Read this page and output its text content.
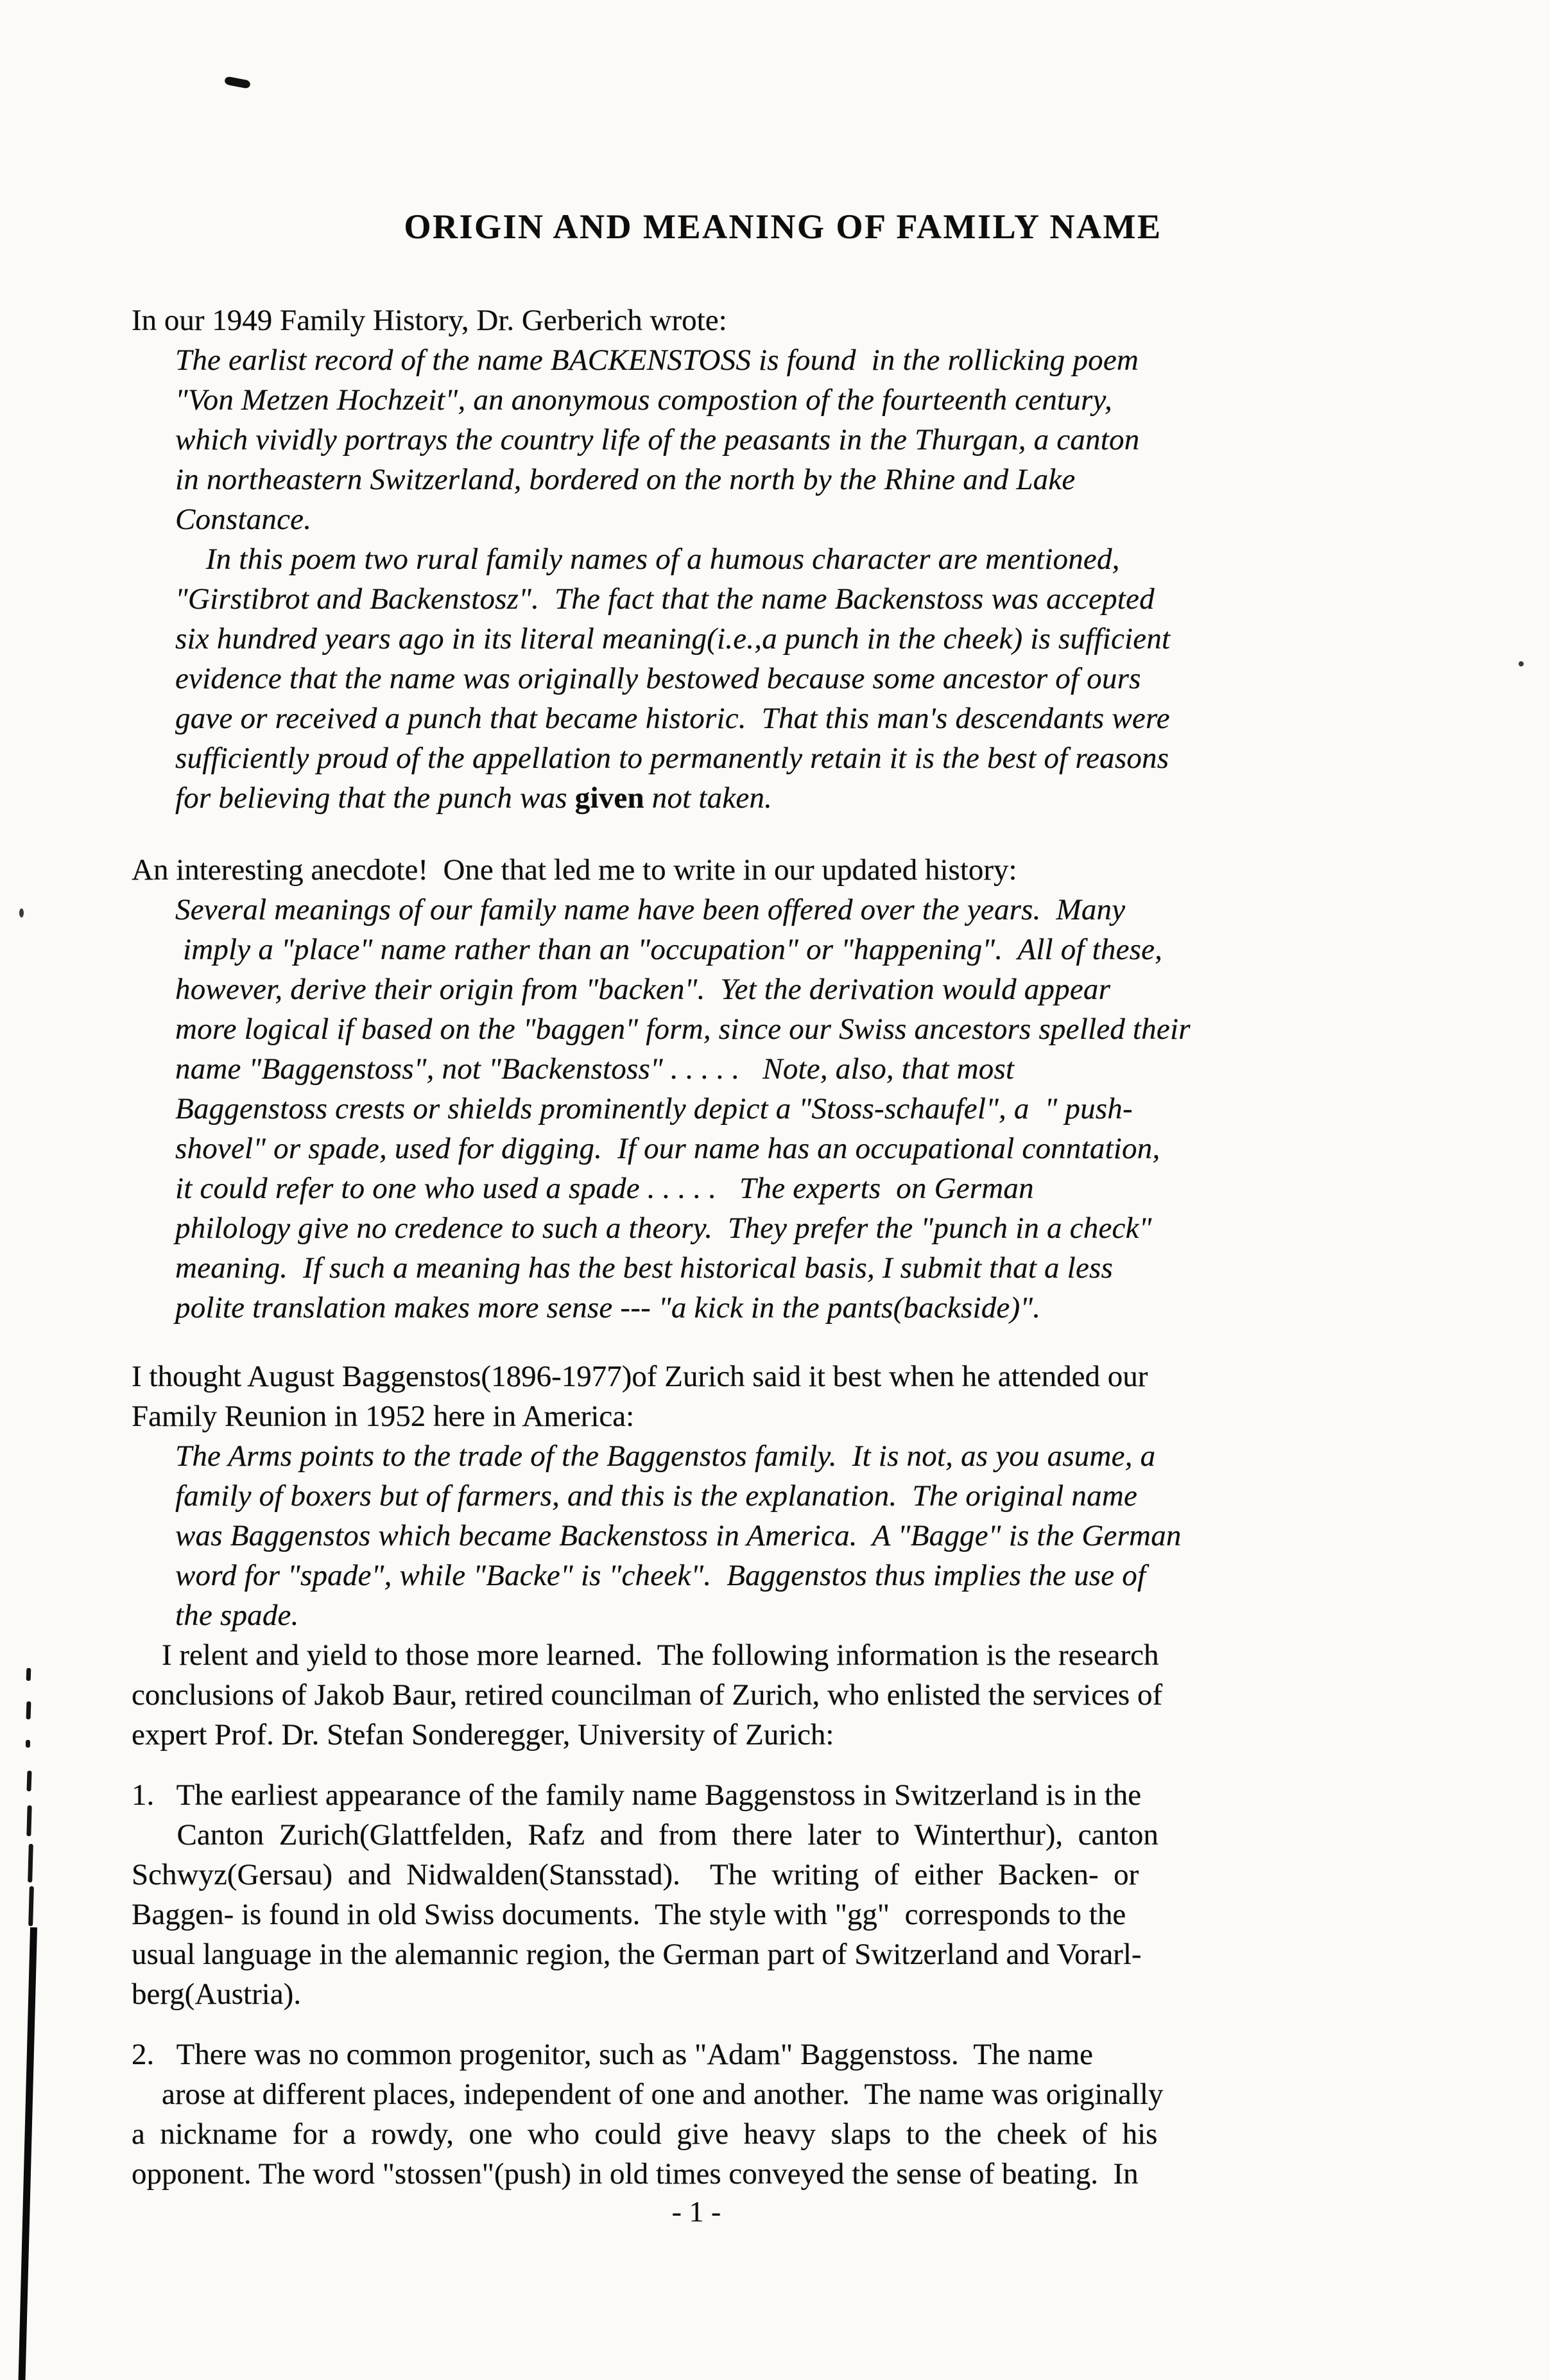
ORIGIN AND MEANING OF FAMILY NAME
In our 1949 Family History, Dr. Gerberich wrote:
The earlist record of the name BACKENSTOSS is found  in the rollicking poem
"Von Metzen Hochzeit", an anonymous compostion of the fourteenth century,
which vividly portrays the country life of the peasants in the Thurgan, a canton
in northeastern Switzerland, bordered on the north by the Rhine and Lake
Constance.
In this poem two rural family names of a humous character are mentioned,
"Girstibrot and Backenstosz".  The fact that the name Backenstoss was accepted
six hundred years ago in its literal meaning(i.e.,a punch in the cheek) is sufficient
evidence that the name was originally bestowed because some ancestor of ours
gave or received a punch that became historic.  That this man's descendants were
sufficiently proud of the appellation to permanently retain it is the best of reasons
for believing that the punch was given not taken.
An interesting anecdote!  One that led me to write in our updated history:
Several meanings of our family name have been offered over the years.  Many
imply a "place" name rather than an "occupation" or "happening".  All of these,
however, derive their origin from "backen".  Yet the derivation would appear
more logical if based on the "baggen" form, since our Swiss ancestors spelled their
name "Baggenstoss", not "Backenstoss" . . . . .   Note, also, that most
Baggenstoss crests or shields prominently depict a "Stoss-schaufel", a  " push-
shovel" or spade, used for digging.  If our name has an occupational conntation,
it could refer to one who used a spade . . . . .   The experts  on German
philology give no credence to such a theory.  They prefer the "punch in a check"
meaning.  If such a meaning has the best historical basis, I submit that a less
polite translation makes more sense --- "a kick in the pants(backside)".
I thought August Baggenstos(1896-1977)of Zurich said it best when he attended our
Family Reunion in 1952 here in America:
The Arms points to the trade of the Baggenstos family.  It is not, as you asume, a
family of boxers but of farmers, and this is the explanation.  The original name
was Baggenstos which became Backenstoss in America.  A "Bagge" is the German
word for "spade", while "Backe" is "cheek".  Baggenstos thus implies the use of
the spade.
I relent and yield to those more learned.  The following information is the research
conclusions of Jakob Baur, retired councilman of Zurich, who enlisted the services of
expert Prof. Dr. Stefan Sonderegger, University of Zurich:
1.   The earliest appearance of the family name Baggenstoss in Switzerland is in the
Canton  Zurich(Glattfelden,  Rafz  and  from  there  later  to  Winterthur),  canton
Schwyz(Gersau)  and  Nidwalden(Stansstad).    The  writing  of  either  Backen-  or
Baggen- is found in old Swiss documents.  The style with "gg"  corresponds to the
usual language in the alemannic region, the German part of Switzerland and Vorarl-
berg(Austria).
2.   There was no common progenitor, such as "Adam" Baggenstoss.  The name
arose at different places, independent of one and another.  The name was originally
a  nickname  for  a  rowdy,  one  who  could  give  heavy  slaps  to  the  cheek  of  his
opponent. The word "stossen"(push) in old times conveyed the sense of beating.  In
- 1 -
